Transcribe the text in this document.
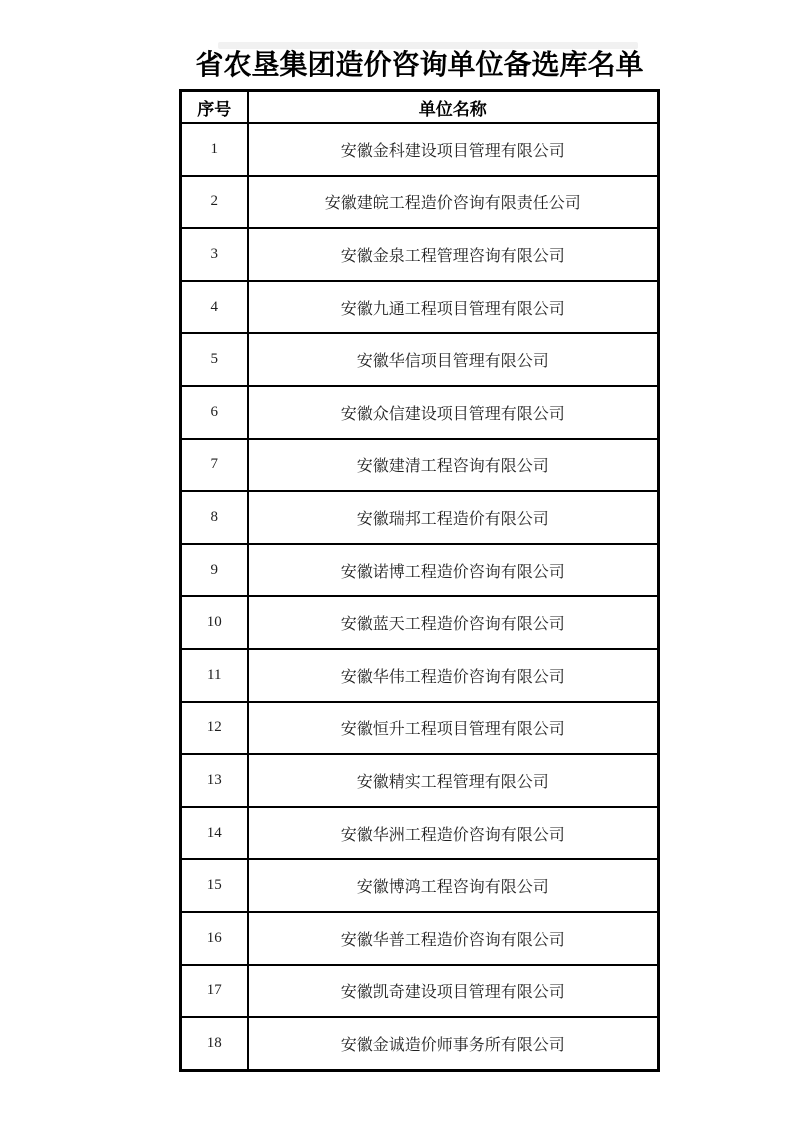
省农垦集团造价咨询单位备选库名单
序号	单位名称
1	安徽金科建设项目管理有限公司
2	安徽建皖工程造价咨询有限责任公司
3	安徽金泉工程管理咨询有限公司
4	安徽九通工程项目管理有限公司
5	安徽华信项目管理有限公司
6	安徽众信建设项目管理有限公司
7	安徽建清工程咨询有限公司
8	安徽瑞邦工程造价有限公司
9	安徽诺博工程造价咨询有限公司
10	安徽蓝天工程造价咨询有限公司
11	安徽华伟工程造价咨询有限公司
12	安徽恒升工程项目管理有限公司
13	安徽精实工程管理有限公司
14	安徽华洲工程造价咨询有限公司
15	安徽博鸿工程咨询有限公司
16	安徽华普工程造价咨询有限公司
17	安徽凯奇建设项目管理有限公司
18	安徽金诚造价师事务所有限公司
